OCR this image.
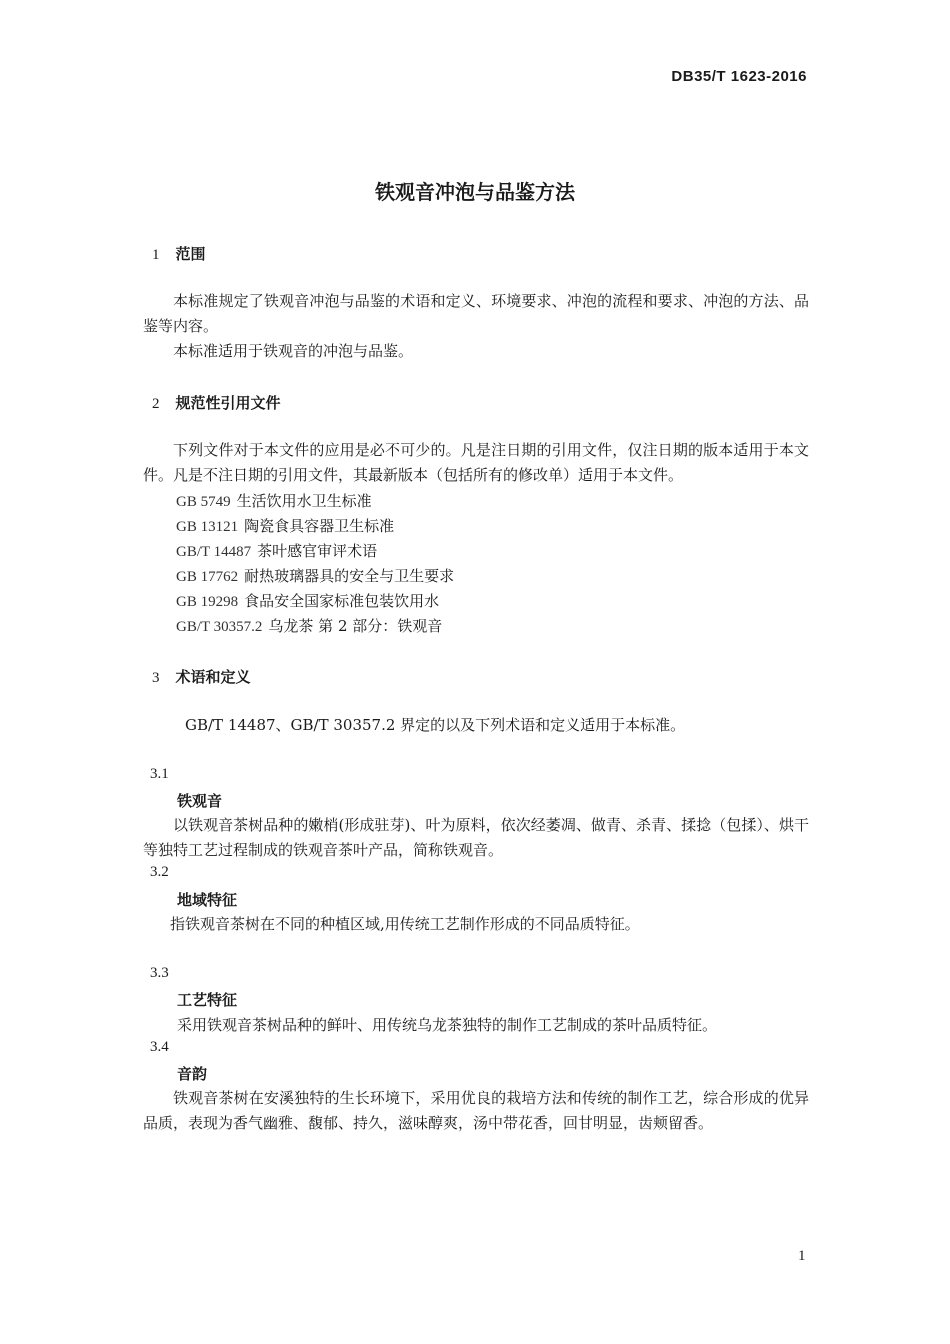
DB35/T 1623-2016
铁观音冲泡与品鉴方法
1 范围
本标准规定了铁观音冲泡与品鉴的术语和定义、环境要求、冲泡的流程和要求、冲泡的方法、品鉴等内容。
本标准适用于铁观音的冲泡与品鉴。
2 规范性引用文件
下列文件对于本文件的应用是必不可少的。凡是注日期的引用文件，仅注日期的版本适用于本文件。凡是不注日期的引用文件，其最新版本（包括所有的修改单）适用于本文件。
GB 5749 生活饮用水卫生标准
GB 13121 陶瓷食具容器卫生标准
GB/T 14487 茶叶感官审评术语
GB 17762 耐热玻璃器具的安全与卫生要求
GB 19298 食品安全国家标准包装饮用水
GB/T 30357.2 乌龙茶 第 2 部分：铁观音
3 术语和定义
GB/T 14487、GB/T 30357.2 界定的以及下列术语和定义适用于本标准。
3.1
铁观音
以铁观音茶树品种的嫩梢(形成驻芽)、叶为原料，依次经萎凋、做青、杀青、揉捻（包揉）、烘干等独特工艺过程制成的铁观音茶叶产品，简称铁观音。
3.2
地域特征
指铁观音茶树在不同的种植区域,用传统工艺制作形成的不同品质特征。
3.3
工艺特征
采用铁观音茶树品种的鲜叶、用传统乌龙茶独特的制作工艺制成的茶叶品质特征。
3.4
音韵
铁观音茶树在安溪独特的生长环境下，采用优良的栽培方法和传统的制作工艺，综合形成的优异品质，表现为香气幽雅、馥郁、持久，滋味醇爽，汤中带花香，回甘明显，齿颊留香。
1
